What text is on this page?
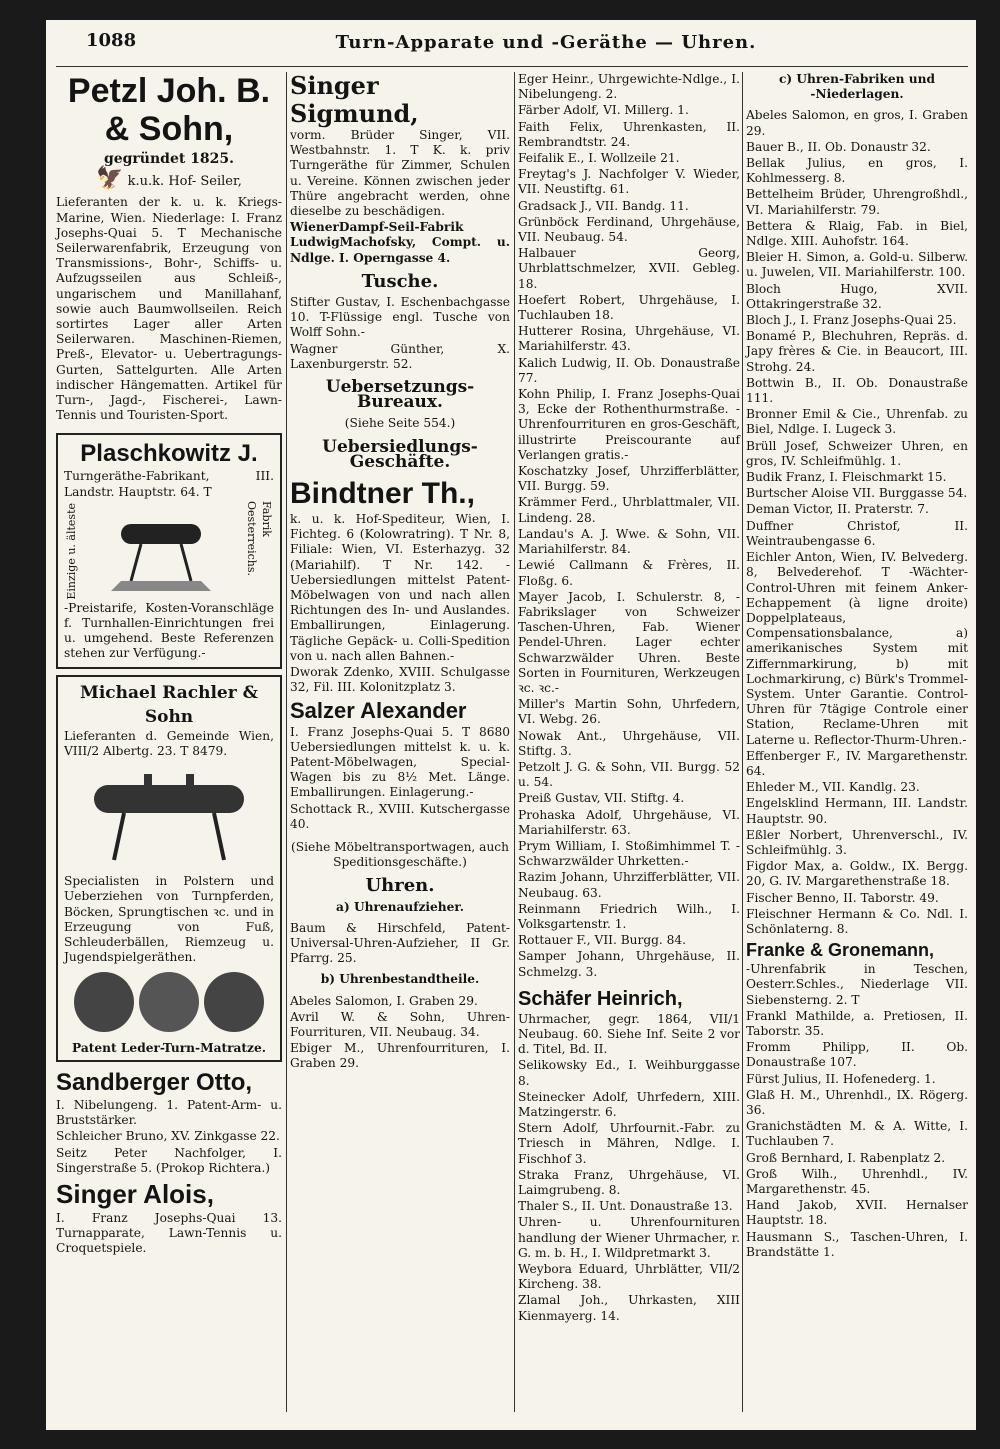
1088	Turn-Apparate und -Geräthe — Uhren.
Petzl Joh. B.
& Sohn,
gegründet 1825.
🦅 k.u.k. Hof- Seiler,
Lieferanten der k. u. k. Kriegs-Marine, Wien. Niederlage: I. Franz Josephs-Quai 5. T Mechanische Seilerwarenfabrik, Erzeugung von Transmissions-, Bohr-, Schiffs- u. Aufzugsseilen aus Schleiß-, ungarischem und Manillahanf, sowie auch Baumwollseilen. Reich sortirtes Lager aller Arten Seilerwaren. Maschinen-Riemen, Preß-, Elevator- u. Uebertragungs-Gurten, Sattelgurten. Alle Arten indischer Hängematten. Artikel für Turn-, Jagd-, Fischerei-, Lawn-Tennis und Touristen-Sport.
Plaschkowitz J.
Turngeräthe-Fabrikant, III. Landstr. Hauptstr. 64. T
Einzige u. älteste	Fabrik Oesterreichs.
-Preistarife, Kosten-Voranschläge f. Turnhallen-Einrichtungen frei u. umgehend. Beste Referenzen stehen zur Verfügung.-
Michael Rachler & Sohn
Lieferanten d. Gemeinde Wien, VIII/2 Albertg. 23. T 8479.
Specialisten in Polstern und Ueberziehen von Turnpferden, Böcken, Sprungtischen ꝛc. und in Erzeugung von Fuß, Schleuderbällen, Riemzeug u. Jugendspielgeräthen.
Patent Leder-Turn-Matratze.
Sandberger Otto,
I. Nibelungeng. 1. Patent-Arm- u. Bruststärker.
Schleicher Bruno, XV. Zinkgasse 22.
Seitz Peter Nachfolger, I. Singerstraße 5. (Prokop Richtera.)
Singer Alois,
I. Franz Josephs-Quai 13. Turnapparate, Lawn-Tennis u. Croquetspiele.
Singer Sigmund,
vorm. Brüder Singer, VII. Westbahnstr. 1. T K. k. priv Turngeräthe für Zimmer, Schulen u. Vereine. Können zwischen jeder Thüre angebracht werden, ohne dieselbe zu beschädigen.
WienerDampf-Seil-Fabrik LudwigMachofsky, Compt. u. Ndlge. I. Operngasse 4.
Tusche.
Stifter Gustav, I. Eschenbachgasse 10. T-Flüssige engl. Tusche von Wolff Sohn.-
Wagner Günther, X. Laxenburgerstr. 52.
Uebersetzungs-
Bureaux.
(Siehe Seite 554.)
Uebersiedlungs-
Geschäfte.
Bindtner Th.,
k. u. k. Hof-Spediteur, Wien, I. Fichteg. 6 (Kolowratring). T Nr. 8, Filiale: Wien, VI. Esterhazyg. 32 (Mariahilf). T Nr. 142. -Uebersiedlungen mittelst Patent-Möbelwagen von und nach allen Richtungen des In- und Auslandes. Emballirungen, Einlagerung. Tägliche Gepäck- u. Colli-Spedition von u. nach allen Bahnen.-
Dworak Zdenko, XVIII. Schulgasse 32, Fil. III. Kolonitzplatz 3.
Salzer Alexander
I. Franz Josephs-Quai 5. T 8680 Uebersiedlungen mittelst k. u. k. Patent-Möbelwagen, Special-Wagen bis zu 8½ Met. Länge. Emballirungen. Einlagerung.-
Schottack R., XVIII. Kutschergasse 40.
(Siehe Möbeltransportwagen, auch Speditionsgeschäfte.)
Uhren.
a) Uhrenaufzieher.
Baum & Hirschfeld, Patent-Universal-Uhren-Aufzieher, II Gr. Pfarrg. 25.
b) Uhrenbestandtheile.
Abeles Salomon, I. Graben 29.
Avril W. & Sohn, Uhren-Fourrituren, VII. Neubaug. 34.
Ebiger M., Uhrenfourrituren, I. Graben 29.
Eger Heinr., Uhrgewichte-Ndlge., I. Nibelungeng. 2.
Färber Adolf, VI. Millerg. 1.
Faith Felix, Uhrenkasten, II. Rembrandtstr. 24.
Feifalik E., I. Wollzeile 21.
Freytag's J. Nachfolger V. Wieder, VII. Neustiftg. 61.
Gradsack J., VII. Bandg. 11.
Grünböck Ferdinand, Uhrgehäuse, VII. Neubaug. 54.
Halbauer Georg, Uhrblattschmelzer, XVII. Gebleg. 18.
Hoefert Robert, Uhrgehäuse, I. Tuchlauben 18.
Hutterer Rosina, Uhrgehäuse, VI. Mariahilferstr. 43.
Kalich Ludwig, II. Ob. Donaustraße 77.
Kohn Philip, I. Franz Josephs-Quai 3, Ecke der Rothenthurmstraße. -Uhrenfourrituren en gros-Geschäft, illustrirte Preiscourante auf Verlangen gratis.-
Koschatzky Josef, Uhrzifferblätter, VII. Burgg. 59.
Krämmer Ferd., Uhrblattmaler, VII. Lindeng. 28.
Landau's A. J. Wwe. & Sohn, VII. Mariahilferstr. 84.
Lewié Callmann & Frères, II. Floßg. 6.
Mayer Jacob, I. Schulerstr. 8, -Fabrikslager von Schweizer Taschen-Uhren, Fab. Wiener Pendel-Uhren. Lager echter Schwarzwälder Uhren. Beste Sorten in Fournituren, Werkzeugen ꝛc. ꝛc.-
Miller's Martin Sohn, Uhrfedern, VI. Webg. 26.
Nowak Ant., Uhrgehäuse, VII. Stiftg. 3.
Petzolt J. G. & Sohn, VII. Burgg. 52 u. 54.
Preiß Gustav, VII. Stiftg. 4.
Prohaska Adolf, Uhrgehäuse, VI. Mariahilferstr. 63.
Prym William, I. Stoßimhimmel T. -Schwarzwälder Uhrketten.-
Razim Johann, Uhrzifferblätter, VII. Neubaug. 63.
Reinmann Friedrich Wilh., I. Volksgartenstr. 1.
Rottauer F., VII. Burgg. 84.
Samper Johann, Uhrgehäuse, II. Schmelzg. 3.
Schäfer Heinrich,
Uhrmacher, gegr. 1864, VII/1 Neubaug. 60. Siehe Inf. Seite 2 vor d. Titel, Bd. II.
Selikowsky Ed., I. Weihburggasse 8.
Steinecker Adolf, Uhrfedern, XIII. Matzingerstr. 6.
Stern Adolf, Uhrfournit.-Fabr. zu Triesch in Mähren, Ndlge. I. Fischhof 3.
Straka Franz, Uhrgehäuse, VI. Laimgrubeng. 8.
Thaler S., II. Unt. Donaustraße 13.
Uhren- u. Uhrenfournituren handlung der Wiener Uhrmacher, r. G. m. b. H., I. Wildpretmarkt 3.
Weybora Eduard, Uhrblätter, VII/2 Kircheng. 38.
Zlamal Joh., Uhrkasten, XIII Kienmayerg. 14.
c) Uhren-Fabriken und
-Niederlagen.
Abeles Salomon, en gros, I. Graben 29.
Bauer B., II. Ob. Donaustr 32.
Bellak Julius, en gros, I. Kohlmesserg. 8.
Bettelheim Brüder, Uhrengroßhdl., VI. Mariahilferstr. 79.
Bettera & Rlaig, Fab. in Biel, Ndlge. XIII. Auhofstr. 164.
Bleier H. Simon, a. Gold-u. Silberw. u. Juwelen, VII. Mariahilferstr. 100.
Bloch Hugo, XVII. Ottakringerstraße 32.
Bloch J., I. Franz Josephs-Quai 25.
Bonamé P., Blechuhren, Repräs. d. Japy frères & Cie. in Beaucort, III. Strohg. 24.
Bottwin B., II. Ob. Donaustraße 111.
Bronner Emil & Cie., Uhrenfab. zu Biel, Ndlge. I. Lugeck 3.
Brüll Josef, Schweizer Uhren, en gros, IV. Schleifmühlg. 1.
Budik Franz, I. Fleischmarkt 15.
Burtscher Aloise VII. Burggasse 54.
Deman Victor, II. Praterstr. 7.
Duffner Christof, II. Weintraubengasse 6.
Eichler Anton, Wien, IV. Belvederg. 8, Belvederehof. T -Wächter-Control-Uhren mit feinem Anker-Echappement (à ligne droite) Doppelplateaus, Compensationsbalance, a) amerikanisches System mit Ziffernmarkirung, b) mit Lochmarkirung, c) Bürk's Trommel-System. Unter Garantie. Control-Uhren für 7tägige Controle einer Station, Reclame-Uhren mit Laterne u. Reflector-Thurm-Uhren.-
Effenberger F., IV. Margarethenstr. 64.
Ehleder M., VII. Kandlg. 23.
Engelsklind Hermann, III. Landstr. Hauptstr. 90.
Eßler Norbert, Uhrenverschl., IV. Schleifmühlg. 3.
Figdor Max, a. Goldw., IX. Bergg. 20, G. IV. Margarethenstraße 18.
Fischer Benno, II. Taborstr. 49.
Fleischner Hermann & Co. Ndl. I. Schönlaterng. 8.
Franke & Gronemann,
-Uhrenfabrik in Teschen, Oesterr.Schles., Niederlage VII. Siebensterng. 2. T
Frankl Mathilde, a. Pretiosen, II. Taborstr. 35.
Fromm Philipp, II. Ob. Donaustraße 107.
Fürst Julius, II. Hofenederg. 1.
Glaß H. M., Uhrenhdl., IX. Rögerg. 36.
Granichstädten M. & A. Witte, I. Tuchlauben 7.
Groß Bernhard, I. Rabenplatz 2.
Groß Wilh., Uhrenhdl., IV. Margarethenstr. 45.
Hand Jakob, XVII. Hernalser Hauptstr. 18.
Hausmann S., Taschen-Uhren, I. Brandstätte 1.
